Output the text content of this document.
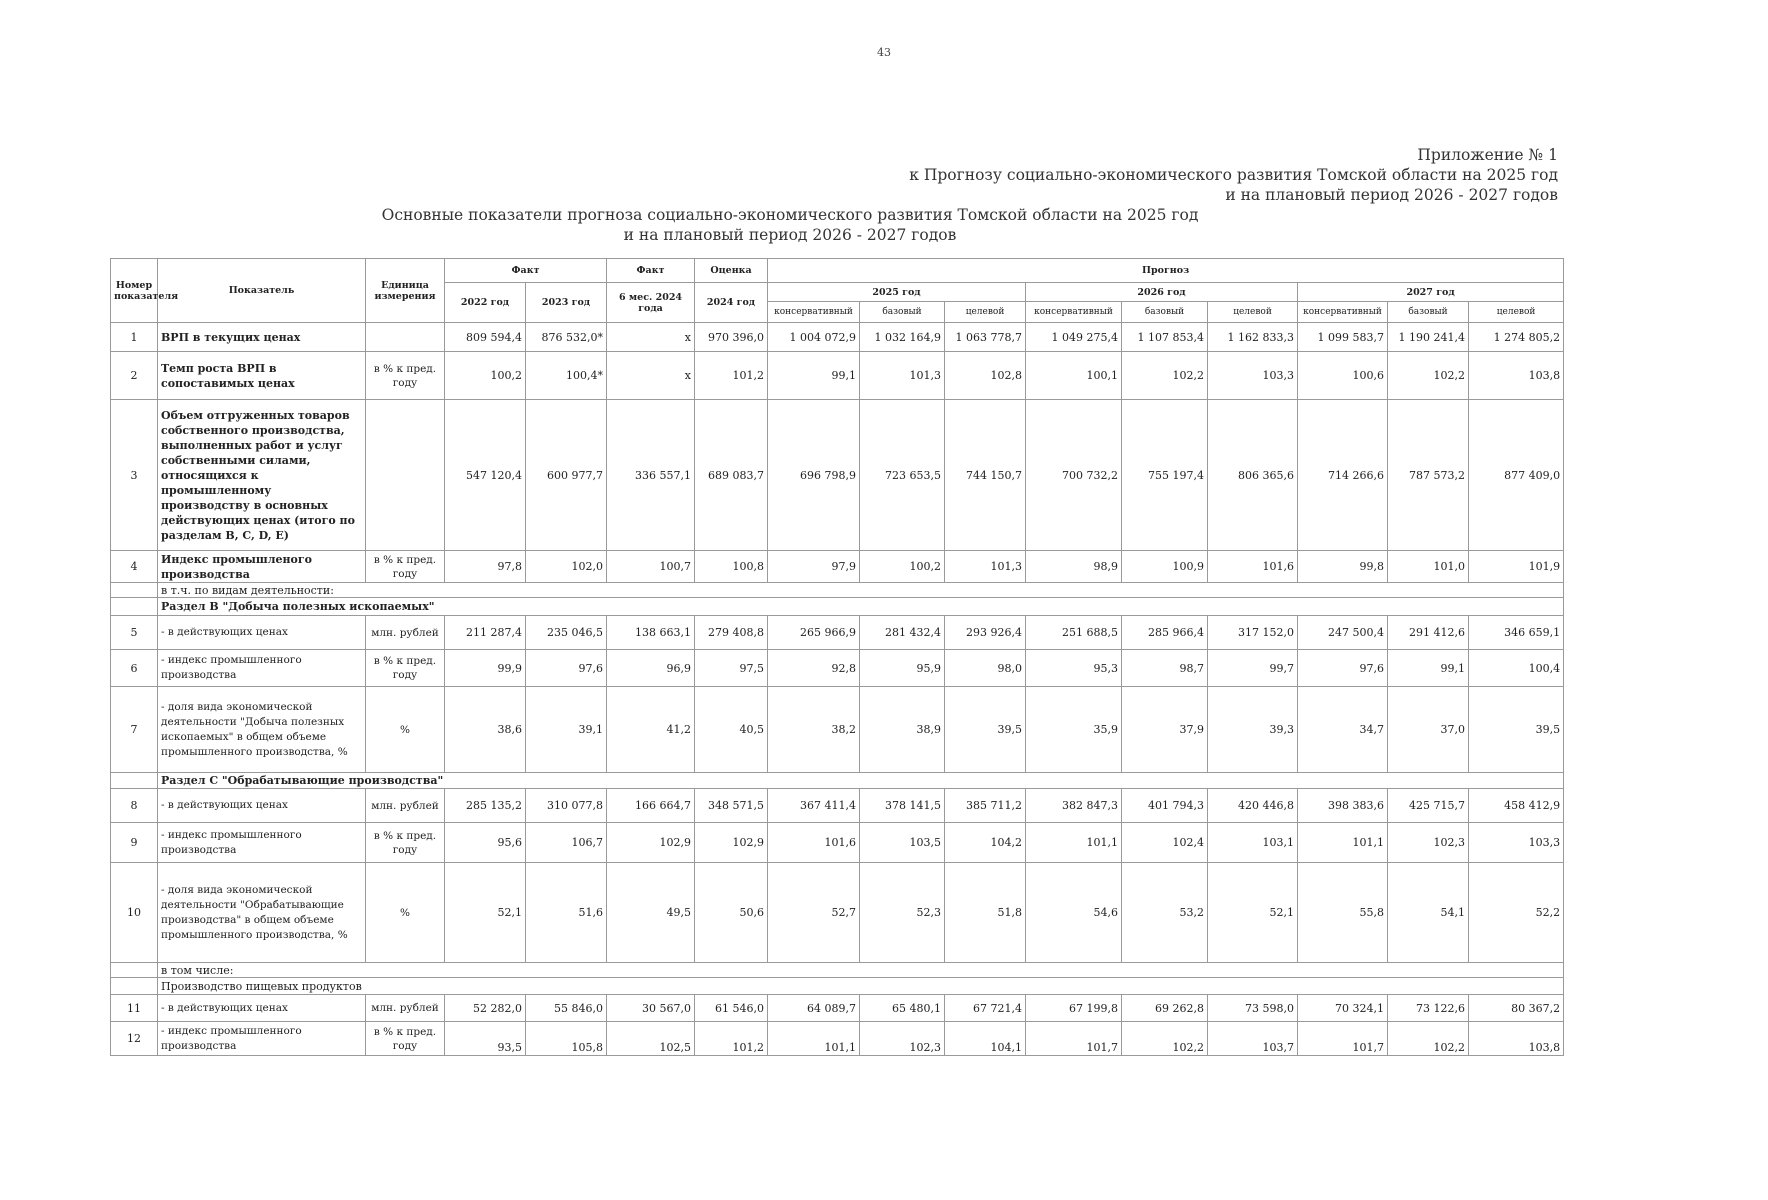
43
Приложение № 1
к Прогнозу социально-экономического развития Томской области на 2025 год
и на плановый период 2026 - 2027 годов
Основные показатели прогноза социально-экономического развития Томской области на 2025 год
и на плановый период 2026 - 2027 годов
Номер показателя	Показатель	Единица измерения	Факт		Факт	Оценка	Прогноз								
			2022 год	2023 год	6 мес. 2024 года	2024 год	2025 год			2026 год			2027 год		
							консервативный	базовый	целевой	консервативный	базовый	целевой	консервативный	базовый	целевой
1	ВРП в текущих ценах		809 594,4	876 532,0*	x	970 396,0	1 004 072,9	1 032 164,9	1 063 778,7	1 049 275,4	1 107 853,4	1 162 833,3	1 099 583,7	1 190 241,4	1 274 805,2
2	Темп роста ВРП в сопоставимых ценах	в % к пред. году	100,2	100,4*	x	101,2	99,1	101,3	102,8	100,1	102,2	103,3	100,6	102,2	103,8
3	Объем отгруженных товаров собственного производства, выполненных работ и услуг собственными силами, относящихся к промышленному производству в основных действующих ценах (итого по разделам B, C, D, E)		547 120,4	600 977,7	336 557,1	689 083,7	696 798,9	723 653,5	744 150,7	700 732,2	755 197,4	806 365,6	714 266,6	787 573,2	877 409,0
4	Индекс промышленого производства	в % к пред. году	97,8	102,0	100,7	100,8	97,9	100,2	101,3	98,9	100,9	101,6	99,8	101,0	101,9
	в т.ч. по видам деятельности:														
	Раздел B "Добыча полезных ископаемых"														
5	- в действующих ценах	млн. рублей	211 287,4	235 046,5	138 663,1	279 408,8	265 966,9	281 432,4	293 926,4	251 688,5	285 966,4	317 152,0	247 500,4	291 412,6	346 659,1
6	- индекс промышленного производства	в % к пред. году	99,9	97,6	96,9	97,5	92,8	95,9	98,0	95,3	98,7	99,7	97,6	99,1	100,4
7	- доля вида экономической деятельности "Добыча полезных ископаемых" в общем объеме промышленного производства, %	%	38,6	39,1	41,2	40,5	38,2	38,9	39,5	35,9	37,9	39,3	34,7	37,0	39,5
	Раздел C "Обрабатывающие производства"														
8	- в действующих ценах	млн. рублей	285 135,2	310 077,8	166 664,7	348 571,5	367 411,4	378 141,5	385 711,2	382 847,3	401 794,3	420 446,8	398 383,6	425 715,7	458 412,9
9	- индекс промышленного производства	в % к пред. году	95,6	106,7	102,9	102,9	101,6	103,5	104,2	101,1	102,4	103,1	101,1	102,3	103,3
10	- доля вида экономической деятельности "Обрабатывающие производства" в общем объеме промышленного производства, %	%	52,1	51,6	49,5	50,6	52,7	52,3	51,8	54,6	53,2	52,1	55,8	54,1	52,2
	в том числе:														
	Производство пищевых продуктов														
11	- в действующих ценах	млн. рублей	52 282,0	55 846,0	30 567,0	61 546,0	64 089,7	65 480,1	67 721,4	67 199,8	69 262,8	73 598,0	70 324,1	73 122,6	80 367,2
12	- индекс промышленного производства	в % к пред. году	93,5	105,8	102,5	101,2	101,1	102,3	104,1	101,7	102,2	103,7	101,7	102,2	103,8
